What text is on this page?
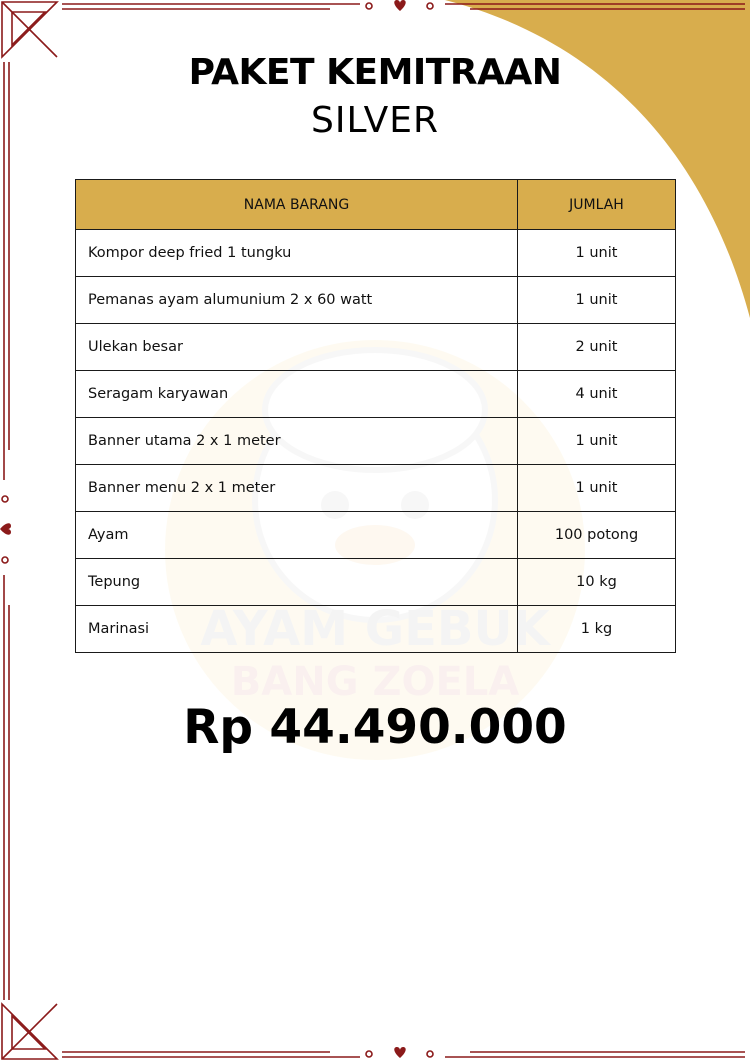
AYAM GEBUK
BANG ZOELA
PAKET KEMITRAAN
SILVER
NAMA BARANG	JUMLAH
Kompor deep fried 1 tungku	1 unit
Pemanas ayam alumunium 2 x 60 watt	1 unit
Ulekan besar	2 unit
Seragam karyawan	4 unit
Banner utama 2 x 1 meter	1 unit
Banner menu 2 x 1 meter	1 unit
Ayam	100 potong
Tepung	10 kg
Marinasi	1 kg
Rp 44.490.000
